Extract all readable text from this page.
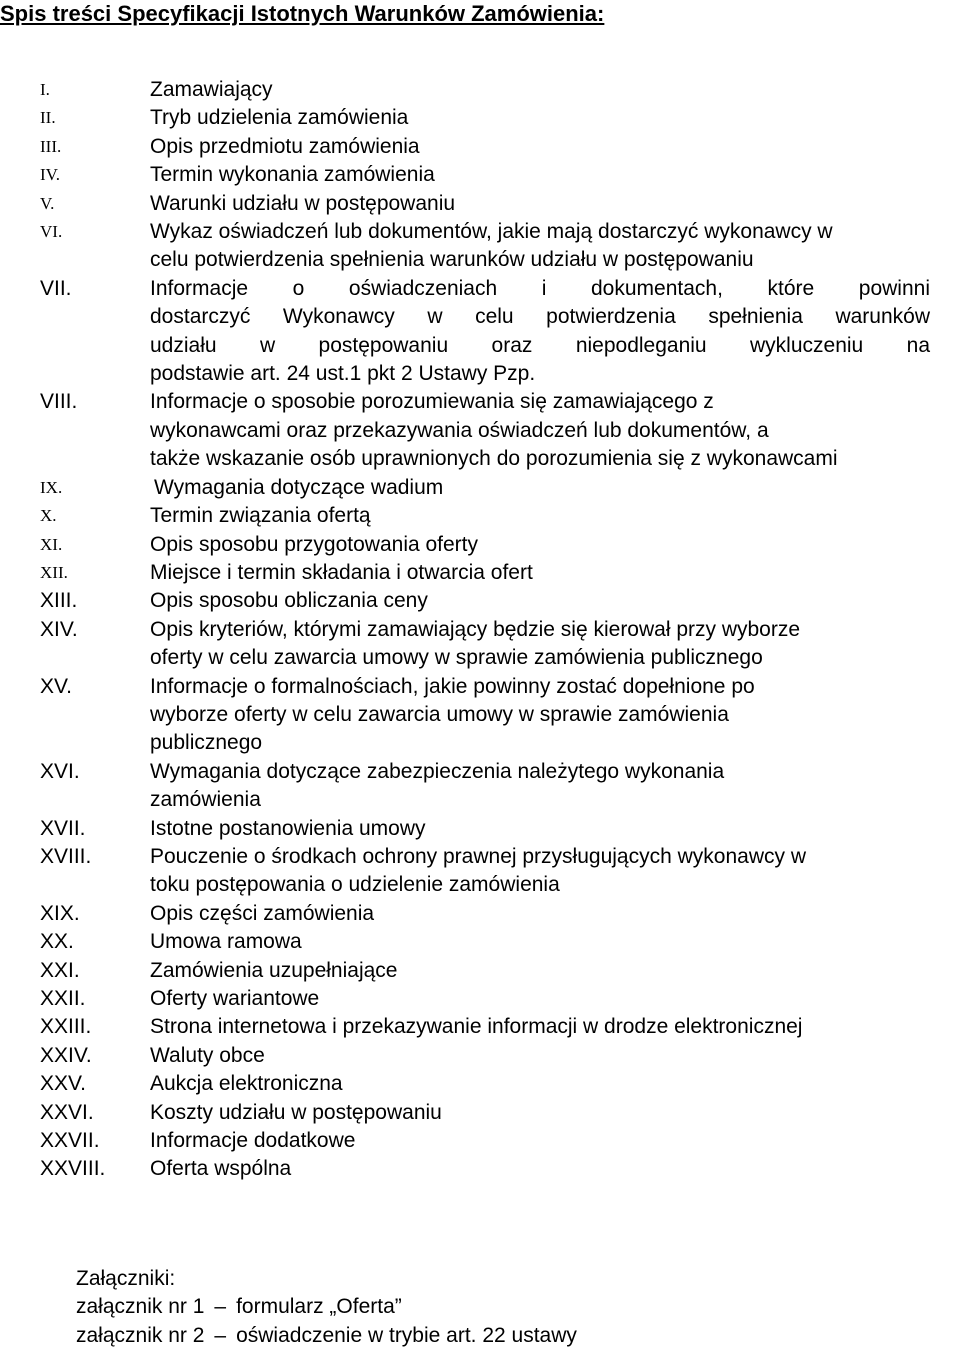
Spis treści Specyfikacji Istotnych Warunków Zamówienia:
I.	Zamawiający
II.	Tryb udzielenia zamówienia
III.	Opis przedmiotu zamówienia
IV.	Termin wykonania zamówienia
V.	Warunki udziału w postępowaniu
VI.	Wykaz oświadczeń lub dokumentów, jakie mają dostarczyć wykonawcy w
celu potwierdzenia spełnienia warunków udziału w postępowaniu
VII.	Informacje o oświadczeniach i dokumentach, które powinni
dostarczyć Wykonawcy w celu potwierdzenia spełnienia warunków
udziału w postępowaniu oraz niepodleganiu wykluczeniu na
podstawie art. 24 ust.1 pkt 2 Ustawy Pzp.
VIII.	Informacje o sposobie porozumiewania się zamawiającego z
wykonawcami oraz przekazywania oświadczeń lub dokumentów, a
także wskazanie osób uprawnionych do porozumienia się z wykonawcami
IX.	Wymagania dotyczące wadium
X.	Termin związania ofertą
XI.	Opis sposobu przygotowania oferty
XII.	Miejsce i termin składania i otwarcia ofert
XIII.	Opis sposobu obliczania ceny
XIV.	Opis kryteriów, którymi zamawiający będzie się kierował przy wyborze
oferty w celu zawarcia umowy w sprawie zamówienia publicznego
XV.	Informacje o formalnościach, jakie powinny zostać dopełnione po
wyborze oferty w celu zawarcia umowy w sprawie zamówienia
publicznego
XVI.	Wymagania dotyczące zabezpieczenia należytego wykonania
zamówienia
XVII.	Istotne postanowienia umowy
XVIII.	Pouczenie o środkach ochrony prawnej przysługujących wykonawcy w
toku postępowania o udzielenie zamówienia
XIX.	Opis części zamówienia
XX.	Umowa ramowa
XXI.	Zamówienia uzupełniające
XXII.	Oferty wariantowe
XXIII.	Strona internetowa i przekazywanie informacji w drodze elektronicznej
XXIV.	Waluty obce
XXV.	Aukcja elektroniczna
XXVI.	Koszty udziału w postępowaniu
XXVII. Informacje dodatkowe
XXVIII. Oferta wspólna
Załączniki:
załącznik nr 1 – formularz „Oferta”
załącznik nr 2 – oświadczenie w trybie art. 22 ustawy
